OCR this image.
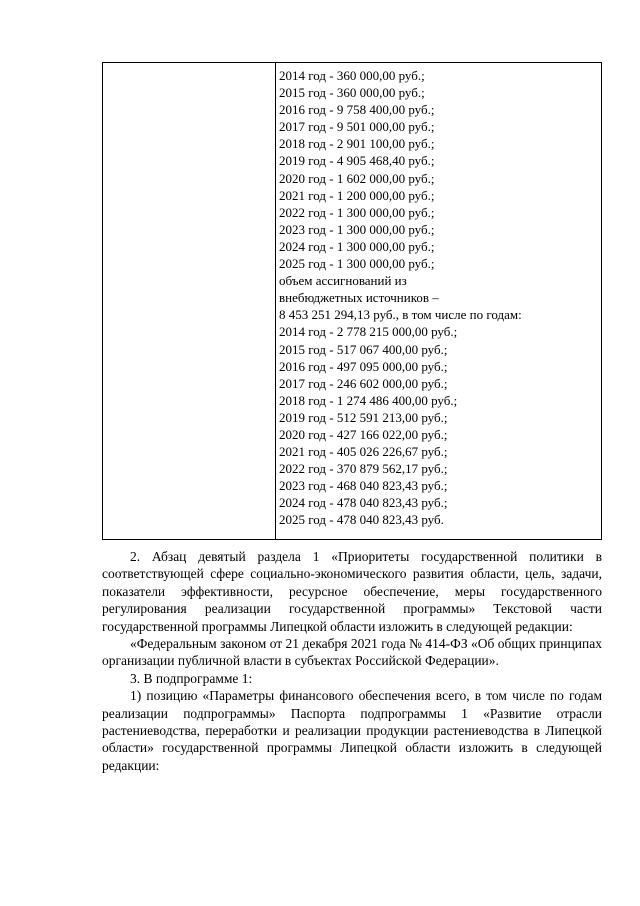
2014 год - 360 000,00 руб.;
2015 год - 360 000,00 руб.;
2016 год - 9 758 400,00 руб.;
2017 год - 9 501 000,00 руб.;
2018 год - 2 901 100,00 руб.;
2019 год - 4 905 468,40 руб.;
2020 год - 1 602 000,00 руб.;
2021 год - 1 200 000,00 руб.;
2022 год - 1 300 000,00 руб.;
2023 год - 1 300 000,00 руб.;
2024 год - 1 300 000,00 руб.;
2025 год - 1 300 000,00 руб.;
объем ассигнований из
внебюджетных источников –
8 453 251 294,13 руб., в том числе по годам:
2014 год - 2 778 215 000,00 руб.;
2015 год - 517 067 400,00 руб.;
2016 год - 497 095 000,00 руб.;
2017 год - 246 602 000,00 руб.;
2018 год - 1 274 486 400,00 руб.;
2019 год - 512 591 213,00 руб.;
2020 год - 427 166 022,00 руб.;
2021 год - 405 026 226,67 руб.;
2022 год - 370 879 562,17 руб.;
2023 год - 468 040 823,43 руб.;
2024 год - 478 040 823,43 руб.;
2025 год - 478 040 823,43 руб.

2. Абзац девятый раздела 1 «Приоритеты государственной политики в соответствующей сфере социально-экономического развития области, цель, задачи, показатели эффективности, ресурсное обеспечение, меры государственного регулирования реализации государственной программы» Текстовой части государственной программы Липецкой области изложить в следующей редакции:

«Федеральным законом от 21 декабря 2021 года № 414-ФЗ «Об общих принципах организации публичной власти в субъектах Российской Федерации».

3. В подпрограмме 1:

1) позицию «Параметры финансового обеспечения всего, в том числе по годам реализации подпрограммы» Паспорта подпрограммы 1 «Развитие отрасли растениеводства, переработки и реализации продукции растениеводства в Липецкой области» государственной программы Липецкой области изложить в следующей редакции:
